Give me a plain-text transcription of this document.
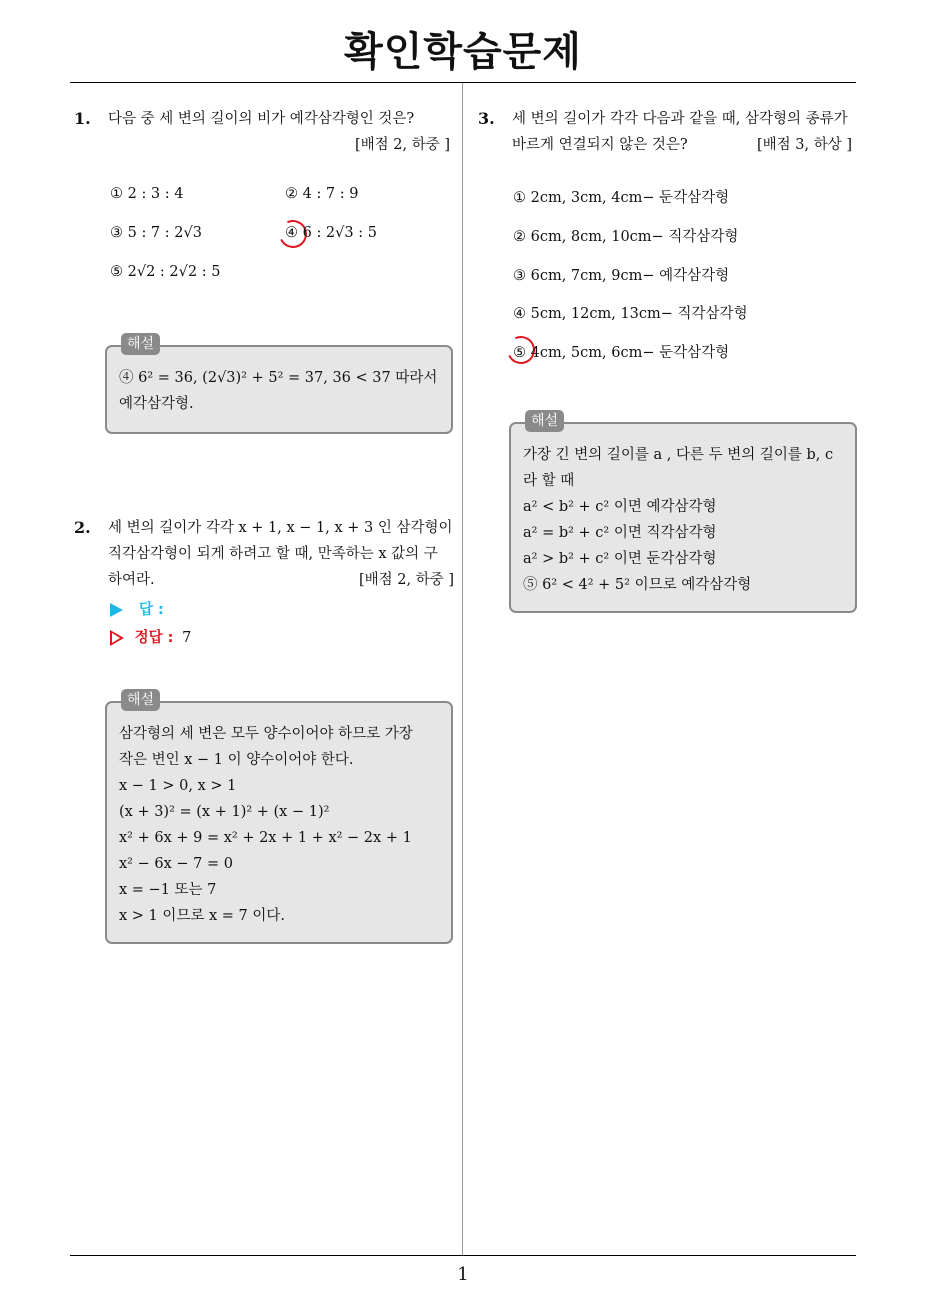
확인학습문제
1
1. 다음 중 세 변의 길이의 비가 예각삼각형인 것은?
[배점 2, 하중 ]
① 2 : 3 : 4	② 4 : 7 : 9
③ 5 : 7 : 2√3	④ 6 : 2√3 : 5
⑤ 2√2 : 2√2 : 5
해설
④ 6² = 36, (2√3)² + 5² = 37, 36 < 37 따라서
예각삼각형.
2. 세 변의 길이가 각각 x + 1, x − 1, x + 3 인 삼각형이
직각삼각형이 되게 하려고 할 때, 만족하는 x 값의 구
하여라.	[배점 2, 하중 ]
답 :
정답 : 7
해설
삼각형의 세 변은 모두 양수이어야 하므로 가장
작은 변인 x − 1 이 양수이어야 한다.
x − 1 > 0, x > 1
(x + 3)² = (x + 1)² + (x − 1)²
x² + 6x + 9 = x² + 2x + 1 + x² − 2x + 1
x² − 6x − 7 = 0
x = −1 또는 7
x > 1 이므로 x = 7 이다.
3. 세 변의 길이가 각각 다음과 같을 때, 삼각형의 종류가
바르게 연결되지 않은 것은?	[배점 3, 하상 ]
① 2cm, 3cm, 4cm− 둔각삼각형
② 6cm, 8cm, 10cm− 직각삼각형
③ 6cm, 7cm, 9cm− 예각삼각형
④ 5cm, 12cm, 13cm− 직각삼각형
⑤ 4cm, 5cm, 6cm− 둔각삼각형
해설
가장 긴 변의 길이를 a , 다른 두 변의 길이를 b, c
라 할 때
a² < b² + c² 이면 예각삼각형
a² = b² + c² 이면 직각삼각형
a² > b² + c² 이면 둔각삼각형
⑤ 6² < 4² + 5² 이므로 예각삼각형
